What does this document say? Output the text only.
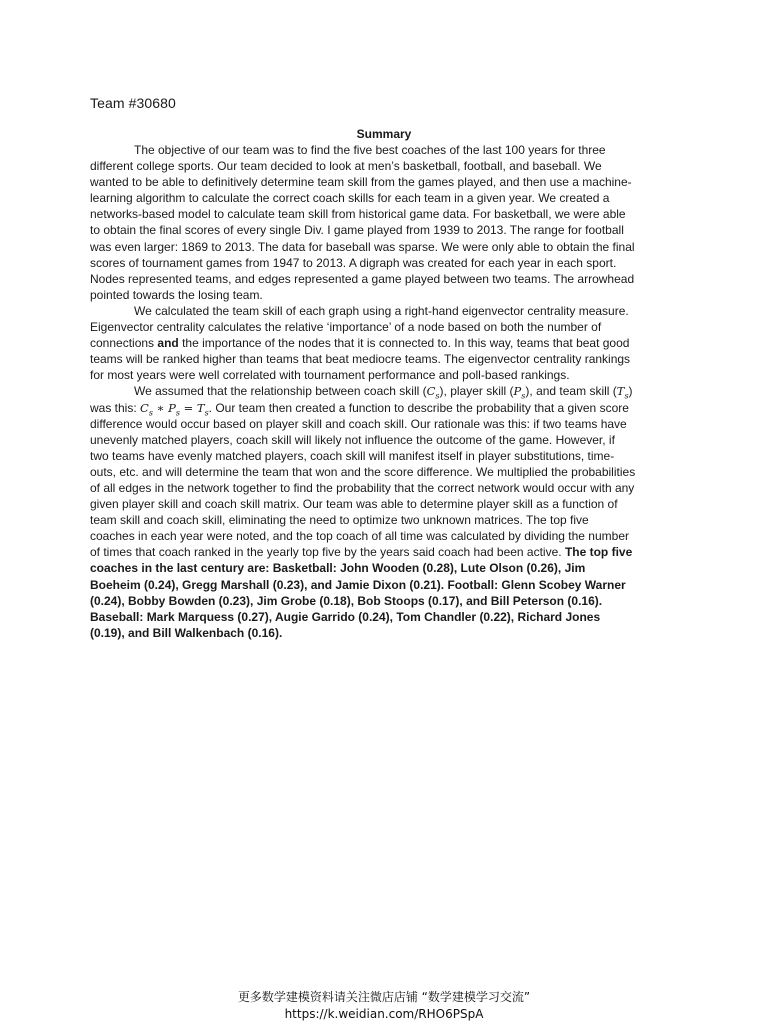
Team #30680
Summary

The objective of our team was to find the five best coaches of the last 100 years for three different college sports. Our team decided to look at men’s basketball, football, and baseball. We wanted to be able to definitively determine team skill from the games played, and then use a machine-learning algorithm to calculate the correct coach skills for each team in a given year. We created a networks-based model to calculate team skill from historical game data. For basketball, we were able to obtain the final scores of every single Div. I game played from 1939 to 2013. The range for football was even larger: 1869 to 2013. The data for baseball was sparse. We were only able to obtain the final scores of tournament games from 1947 to 2013. A digraph was created for each year in each sport. Nodes represented teams, and edges represented a game played between two teams. The arrowhead pointed towards the losing team.

We calculated the team skill of each graph using a right-hand eigenvector centrality measure. Eigenvector centrality calculates the relative ‘importance’ of a node based on both the number of connections and the importance of the nodes that it is connected to. In this way, teams that beat good teams will be ranked higher than teams that beat mediocre teams. The eigenvector centrality rankings for most years were well correlated with tournament performance and poll-based rankings.

We assumed that the relationship between coach skill $(C_s)$, player skill $(P_s)$, and team skill $(T_s)$ was this: $C_s$ ∗ $P_s = T_s$. Our team then created a function to describe the probability that a given score difference would occur based on player skill and coach skill. Our rationale was this: if two teams have unevenly matched players, coach skill will likely not influence the outcome of the game. However, if two teams have evenly matched players, coach skill will manifest itself in player substitutions, time-outs, etc. and will determine the team that won and the score difference. We multiplied the probabilities of all edges in the network together to find the probability that the correct network would occur with any given player skill and coach skill matrix. Our team was able to determine player skill as a function of team skill and coach skill, eliminating the need to optimize two unknown matrices. The top five coaches in each year were noted, and the top coach of all time was calculated by dividing the number of times that coach ranked in the yearly top five by the years said coach had been active. The top five coaches in the last century are: Basketball: John Wooden (0.28), Lute Olson (0.26), Jim Boeheim (0.24), Gregg Marshall (0.23), and Jamie Dixon (0.21). Football: Glenn Scobey Warner (0.24), Bobby Bowden (0.23), Jim Grobe (0.18), Bob Stoops (0.17), and Bill Peterson (0.16). Baseball: Mark Marquess (0.27), Augie Garrido (0.24), Tom Chandler (0.22), Richard Jones (0.19), and Bill Walkenbach (0.16).

更多数学建模资料请关注微店店铺 “数学建模学习交流”
https://k.weidian.com/RHO6PSpA
